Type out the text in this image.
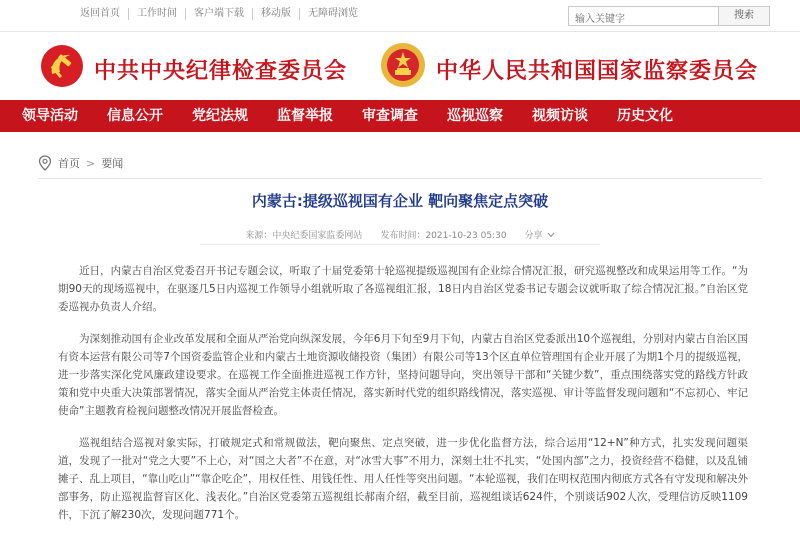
返回首页	工作时间	客户端下载	移动版	无障碍浏览
输入关键字	搜索
中共中央纪律检查委员会	中华人民共和国国家监察委员会
领导活动 信息公开 党纪法规 监督举报 审查调查 巡视巡察 视频访谈 历史文化
首页 > 要闻
内蒙古:提级巡视国有企业 靶向聚焦定点突破
来源：中央纪委国家监委网站 发布时间：2021-10-23 05:30 分享

近日，内蒙古自治区党委召开书记专题会议，听取了十届党委第十轮巡视提级巡视国有企业综合情况汇报，研究巡视整改和成果运用等工作。“为期90天的现场巡视中，在驱逐几5日内巡视工作领导小组就听取了各巡视组汇报，18日内自治区党委书记专题会议就听取了综合情况汇报。”自治区党委巡视办负责人介绍。

为深刻推动国有企业改革发展和全面从严治党向纵深发展，今年6月下旬至9月下旬，内蒙古自治区党委派出10个巡视组，分别对内蒙古自治区国有资本运营有限公司等7个国资委监管企业和内蒙古土地资源收储投资（集团）有限公司等13个区直单位管理国有企业开展了为期1个月的提级巡视，进一步落实深化党风廉政建设要求。在巡视工作全面推进巡视工作方针，坚持问题导向，突出领导干部和“关键少数”，重点围绕落实党的路线方针政策和党中央重大决策部署情况，落实全面从严治党主体责任情况，落实新时代党的组织路线情况，落实巡视、审计等监督发现问题和“不忘初心、牢记使命”主题教育检视问题整改情况开展监督检查。

巡视组结合巡视对象实际，打破规定式和常规做法，靶向聚焦、定点突破，进一步优化监督方法，综合运用“12+N”种方式，扎实发现问题渠道，发现了一批对“党之大要”不上心，对“国之大者”不在意，对“冰雪大事”不用力，深刻土壮不扎实，“处国内部”之力，投资经营不稳健，以及乱铺摊子、乱上项目，“靠山吃山”“靠企吃企”，用权任性、用钱任性、用人任性等突出问题。“本轮巡视，我们在明权范围内彻底方式各有守发现和解决外部事务，防止巡视监督盲区化、浅表化。”自治区党委第五巡视组长郝南介绍，截至目前，巡视组谈话624件，个别谈话902人次，受理信访反映1109件，下沉了解230次，发现问题771个。
